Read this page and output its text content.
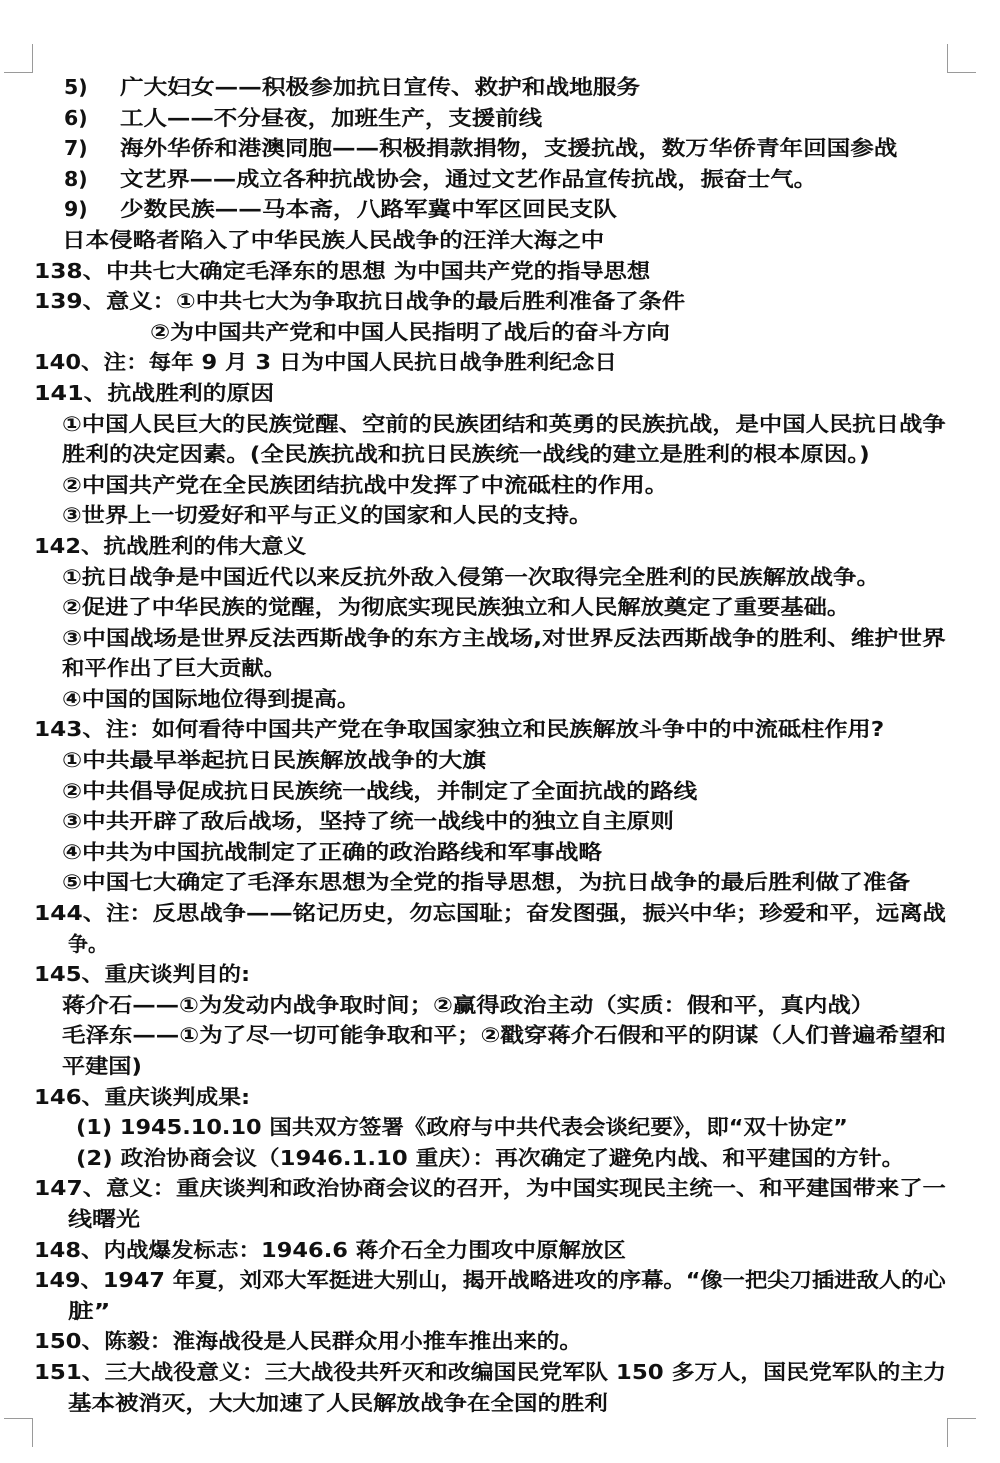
5) 广大妇女——积极参加抗日宣传、救护和战地服务
6) 工人——不分昼夜，加班生产，支援前线
7) 海外华侨和港澳同胞——积极捐款捐物，支援抗战，数万华侨青年回国参战
8) 文艺界——成立各种抗战协会，通过文艺作品宣传抗战，振奋士气。
9) 少数民族——马本斋，八路军冀中军区回民支队
日本侵略者陷入了中华民族人民战争的汪洋大海之中
138、中共七大确定毛泽东的思想 为中国共产党的指导思想
139、意义：①中共七大为争取抗日战争的最后胜利准备了条件
②为中国共产党和中国人民指明了战后的奋斗方向
140、注：每年 9 月 3 日为中国人民抗日战争胜利纪念日
141、抗战胜利的原因
①中国人民巨大的民族觉醒、空前的民族团结和英勇的民族抗战，是中国人民抗日战争
胜利的决定因素。(全民族抗战和抗日民族统一战线的建立是胜利的根本原因。)
②中国共产党在全民族团结抗战中发挥了中流砥柱的作用。
③世界上一切爱好和平与正义的国家和人民的支持。
142、抗战胜利的伟大意义
①抗日战争是中国近代以来反抗外敌入侵第一次取得完全胜利的民族解放战争。
②促进了中华民族的觉醒，为彻底实现民族独立和人民解放奠定了重要基础。
③中国战场是世界反法西斯战争的东方主战场,对世界反法西斯战争的胜利、维护世界
和平作出了巨大贡献。
④中国的国际地位得到提高。
143、注：如何看待中国共产党在争取国家独立和民族解放斗争中的中流砥柱作用?
①中共最早举起抗日民族解放战争的大旗
②中共倡导促成抗日民族统一战线，并制定了全面抗战的路线
③中共开辟了敌后战场，坚持了统一战线中的独立自主原则
④中共为中国抗战制定了正确的政治路线和军事战略
⑤中国七大确定了毛泽东思想为全党的指导思想，为抗日战争的最后胜利做了准备
144、注：反思战争——铭记历史，勿忘国耻；奋发图强，振兴中华；珍爱和平，远离战
争。
145、重庆谈判目的:
蒋介石——①为发动内战争取时间；②赢得政治主动（实质：假和平，真内战）
毛泽东——①为了尽一切可能争取和平；②戳穿蒋介石假和平的阴谋（人们普遍希望和
平建国)
146、重庆谈判成果:
(1) 1945.10.10 国共双方签署《政府与中共代表会谈纪要》，即“双十协定”
(2) 政治协商会议（1946.1.10 重庆）：再次确定了避免内战、和平建国的方针。
147、意义：重庆谈判和政治协商会议的召开，为中国实现民主统一、和平建国带来了一
线曙光
148、内战爆发标志：1946.6 蒋介石全力围攻中原解放区
149、1947 年夏，刘邓大军挺进大别山，揭开战略进攻的序幕。“像一把尖刀插进敌人的心
脏”
150、陈毅：淮海战役是人民群众用小推车推出来的。
151、三大战役意义：三大战役共歼灭和改编国民党军队 150 多万人，国民党军队的主力
基本被消灭，大大加速了人民解放战争在全国的胜利
